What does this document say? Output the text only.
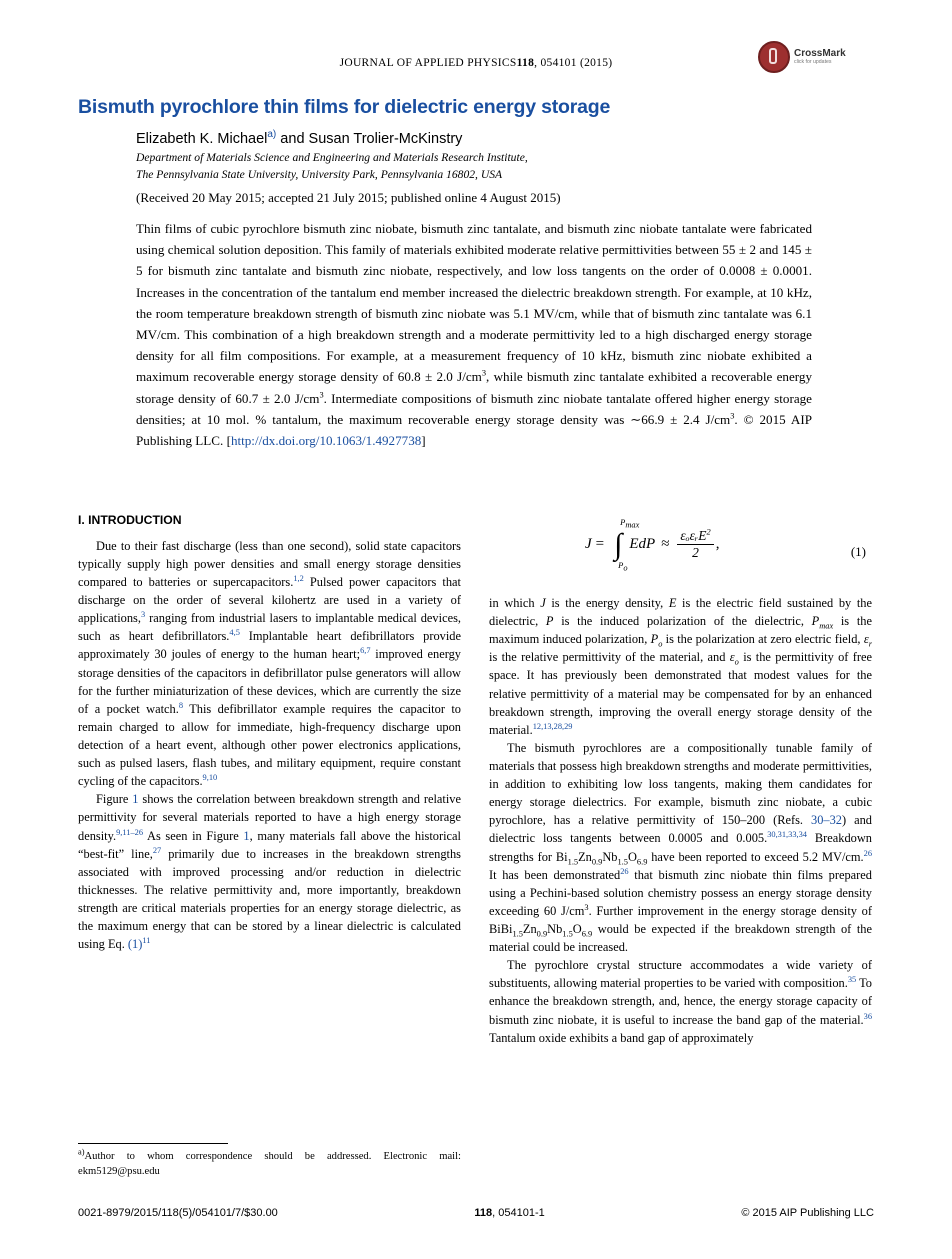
JOURNAL OF APPLIED PHYSICS118, 054101 (2015)
CrossMark
click for updates
Bismuth pyrochlore thin films for dielectric energy storage
Elizabeth K. Michael$^{a)}$ and Susan Trolier-McKinstry
Department of Materials Science and Engineering and Materials Research Institute,
The Pennsylvania State University, University Park, Pennsylvania 16802, USA
(Received 20 May 2015; accepted 21 July 2015; published online 4 August 2015)
Thin films of cubic pyrochlore bismuth zinc niobate, bismuth zinc tantalate, and bismuth zinc niobate tantalate were fabricated using chemical solution deposition. This family of materials exhibited moderate relative permittivities between 55 ± 2 and 145 ± 5 for bismuth zinc tantalate and bismuth zinc niobate, respectively, and low loss tangents on the order of 0.0008 ± 0.0001. Increases in the concentration of the tantalum end member increased the dielectric breakdown strength. For example, at 10 kHz, the room temperature breakdown strength of bismuth zinc niobate was 5.1 MV/cm, while that of bismuth zinc tantalate was 6.1 MV/cm. This combination of a high breakdown strength and a moderate permittivity led to a high discharged energy storage density for all film compositions. For example, at a measurement frequency of 10 kHz, bismuth zinc niobate exhibited a maximum recoverable energy storage density of 60.8 ± 2.0 $J/cm^3$, while bismuth zinc tantalate exhibited a recoverable energy storage density of 60.7 ± 2.0 $J/cm^3$. Intermediate compositions of bismuth zinc niobate tantalate offered higher energy storage densities; at 10 mol. % tantalum, the maximum recoverable energy storage density was ∼66.9 ± 2.4 $J/cm^3$. © 2015 AIP Publishing LLC. [http://dx.doi.org/10.1063/1.4927738]
I. INTRODUCTION

Due to their fast discharge (less than one second), solid state capacitors typically supply high power densities and small energy storage densities compared to batteries or supercapacitors.$^{1,2}$ Pulsed power capacitors that discharge on the order of several kilohertz are used in a variety of applications,$^3$ ranging from industrial lasers to implantable medical devices, such as heart defibrillators.$^{4,5}$ Implantable heart defibrillators provide approximately 30 joules of energy to the human heart;$^{6,7}$ improved energy storage densities of the capacitors in defibrillator pulse generators will allow for the further miniaturization of these devices, which are currently the size of a pocket watch.$^8$ This defibrillator example requires the capacitor to remain charged to allow for immediate, high-frequency discharge upon detection of a heart event, although other power electronics applications, such as pulsed lasers, flash tubes, and military equipment, require constant cycling of the capacitors.$^{9,10}$

Figure 1 shows the correlation between breakdown strength and relative permittivity for several materials reported to have a high energy storage density.$^{9,11-26}$ As seen in Figure 1, many materials fall above the historical “best-fit” line,$^{27}$ primarily due to increases in the breakdown strengths associated with improved processing and/or reduction in dielectric thicknesses. The relative permittivity and, more importantly, breakdown strength are critical materials properties for an energy storage dielectric, as the maximum energy that can be stored by a linear dielectric is calculated using Eq. (1)$^{11}$

J = ∫
$P_{max}$
$P_o$
EdP ≈ $\frac{\varepsilon_o\varepsilon ᵣE^2}{2}$ ,	(1)

in which J is the energy density, E is the electric field sustained by the dielectric, P is the induced polarization of the dielectric, $P_{max}$ is the maximum induced polarization, $P_o$ is the polarization at zero electric field, $\varepsilon_r$ is the relative permittivity of the material, and $\varepsilon_o$ is the permittivity of free space. It has previously been demonstrated that modest values for the relative permittivity of a material may be compensated for by an enhanced breakdown strength, improving the overall energy storage density of the material.$^{12,13,28,29}$

The bismuth pyrochlores are a compositionally tunable family of materials that possess high breakdown strengths and moderate permittivities, in addition to exhibiting low loss tangents, making them candidates for energy storage dielectrics. For example, bismuth zinc niobate, a cubic pyrochlore, has a relative permittivity of 150–200 (Refs. 30–32) and dielectric loss tangents between 0.0005 and 0.005.$^{30,31,33,34}$ Breakdown strengths for $Bi_{1.5}Zn_{0.9}Nb_{1.5}O_{6.9}$ have been reported to exceed 5.2 MV/cm.$^{26}$ It has been demonstrated$^{26}$ that bismuth zinc niobate thin films prepared using a Pechini-based solution chemistry possess an energy storage density exceeding 60 $J/cm^3$. Further improvement in the energy storage density of $BiBi_{1.5}Zn_{0.9}Nb_{1.5}O_{6.9}$ would be expected if the breakdown strength of the material could be increased.

The pyrochlore crystal structure accommodates a wide variety of substituents, allowing material properties to be varied with composition.$^{35}$ To enhance the breakdown strength, and, hence, the energy storage capacity of bismuth zinc niobate, it is useful to increase the band gap of the material.$^{36}$ Tantalum oxide exhibits a band gap of approximately

$^{a)}$Author to whom correspondence should be addressed. Electronic mail: ekm5129@psu.edu
0021-8979/2015/118(5)/054101/7/$30.00	118, 054101-1	© 2015 AIP Publishing LLC
